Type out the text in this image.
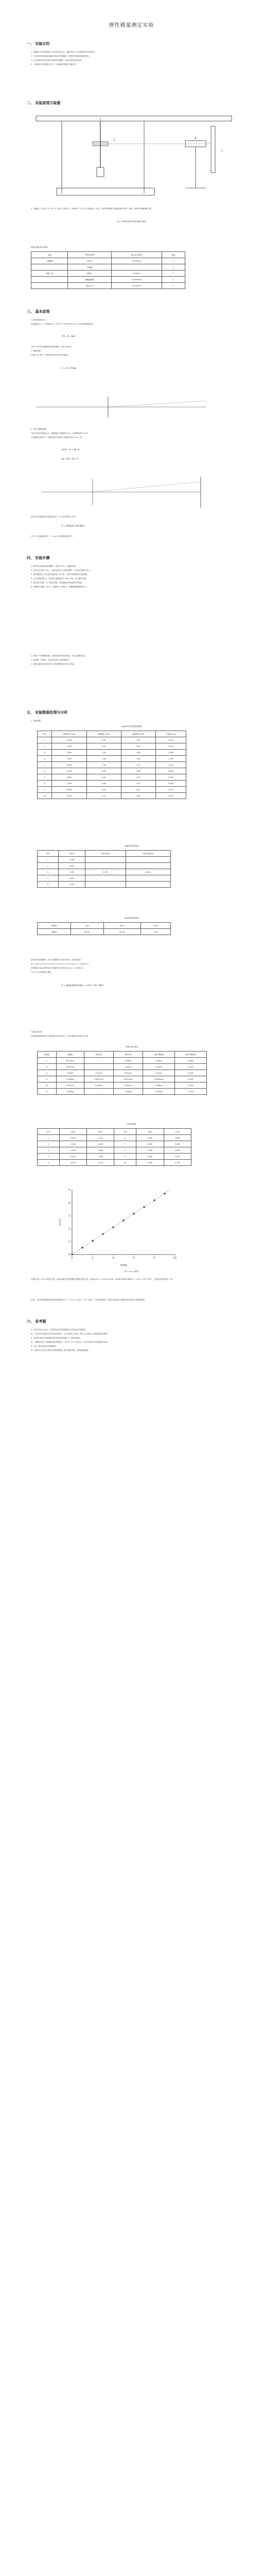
弹性模量测定实验
一、 实验目的

1. 掌握用光杠杆测量微小长度变化的方法，理解“放大”法在物理实验中的应用。

2. 学会用拉伸法测量金属丝的杨氏弹性模量，熟悉相关测量仪器的使用。

3. 学会用逐差法和作图法处理实验数据，分析实验误差的来源。

4. 了解误差分析的基本方法，计算测量结果的不确定度。

二、 实验原理与装置
1
2
7
8
1. 金属丝 2. 光杠杆 3. 平台 4. 挂钩 5. 砝码 6. 三角底座 7. 标尺 8. 望远镜 9. 支架，光杠杆的镜面与望远镜调节至同一高度，使标尺的像清晰可见。
图 1 拉伸法测杨氏模量装置示意图
测量仪器名称及规格
名称	型号及规格	最大允许误差	数量
主要器材	光杠杆	±0.02mm	1
	望远镜		1
测量工具	钢卷尺	±0.5mm	1
	螺旋测微器	±0.004mm	1
	游标卡尺	±0.02mm	1
三、 基本原理

1. 杨氏模量的定义

设金属丝长为 L，截面积为 S，在外力 F 作用下伸长 ΔL，则在弹性限度内有

F/S = E · ΔL/L

式中 E 称为该金属的杨氏弹性模量，单位为 N/m²。

2. 测量原理

实验中 ΔL 很小，需要用光杠杆进行放大测量。

E = FL / (S·ΔL)

3. 光杠杆测量原理

光杠杆前后足距离为 b，镜面到标尺的距离为 D，当金属丝伸长 ΔL 时，

平面镜转过角度 θ，从望远镜中读得标尺读数的变化为 Δn，则

tanθ ≈ θ = ΔL / b
Δn / 2D = ΔL / b

由此可得金属丝伸长量的表达式，代入杨氏模量公式得

E = 8mgLD / (πd²bΔn)

式中 d 为金属丝直径，F = mg 为所加砝码的重力。

四、 实验步骤

1. 调节杨氏模量仪底座螺钉，使平台水平，金属丝铅直。

2. 将光杠杆放在平台上，两前足放在平台的凹槽内，后足放在圆柱夹头上。

3. 调节望远镜，使目镜中能看清十字叉丝，再调节物镜使标尺像清晰。

4. 记录初始读数 n₀，然后依次增加砝码，每次 1kg，记下相应读数。

5. 逐次减少砝码，记下相应读数，取加减砝码时读数的平均值。

6. 用钢卷尺测量 L 和 D，用游标卡尺测量 b，用螺旋测微器测量 d。

1. 测量中不得碰撞仪器，加减砝码时应轻拿轻放，防止金属丝晃动。

2. 望远镜一旦调好，在实验过程中不能再移动。

3. 测量金属丝直径时应在不同位置测量多次取平均值。

五、 实验数据处理与分析
1. 原始数据
金属丝伸长量的测量数据
序号	砝码质量 m/kg	加砝码时 n/cm	减砝码时 n/cm	平均值 n/cm
1	0.000	0.00	0.02	0.010
2	1.000	0.52	0.55	0.535
3	2.000	1.05	1.08	1.065
4	3.000	1.58	1.60	1.590
5	4.000	2.10	2.13	2.115
6	5.000	2.63	2.66	2.645
7	6.000	3.15	3.18	3.165
8	7.000	3.68	3.70	3.690
9	8.000	4.20	4.22	4.210
10	9.000	4.72	4.75	4.735
金属丝直径的测量
序号	d/mm	平均 d/mm	误差 Δd/mm
1	0.798		
2	0.801		
3	0.799	0.799	0.004
4	0.800		
5	0.797		
其他物理量的测量
物理量	L/cm	D/cm	b/cm
测量值	80.20	120.50	7.50

用逐差法处理数据：将 10 组数据分为前后两组，对应相减得

Δn = [(n₆-n₁)+(n₇-n₂)+(n₈-n₃)+(n₉-n₄)+(n₁₀-n₅)] / 5 = 2.633 cm

则每增加 5kg 砝码时标尺读数的平均变化量为 Δn = 2.633 cm。

代入公式计算得杨氏模量：

E = 8mgLD/(πd²bΔn) = 2.01 × 10¹¹ N/m²

不确定度分析：

各直接测量量的相对不确定度分别计算如下，按不确定度传递公式合成：

不确定度计算表
测量量	测量值	A类分量	B类分量	合成不确定度	相对不确定度
L	80.20cm	—	0.03cm	0.03cm	0.04%
D	120.50cm	—	0.03cm	0.03cm	0.02%
b	7.50cm	0.01cm	0.001cm	0.01cm	0.13%
d	0.799mm	0.0007mm	0.0023mm	0.0024mm	0.30%
Δn	2.633cm	0.005cm	0.003cm	0.006cm	0.23%
m	5.000kg	—	0.005kg	0.005kg	0.10%
作图法数据
序号	m/kg	n/cm	序号	m/kg	n/cm
1	0.000	0.010	6	5.000	2.645
2	1.000	0.535	7	6.000	3.165
3	2.000	1.065	8	7.000	3.690
4	3.000	1.590	9	8.000	4.210
5	4.000	2.115	10	9.000	4.735
0	2	4	6	8	10
0
1
2
3
4
5
m/kg
n/cm
图 2 n-m 关系图
由图可见 n 与 m 呈线性关系，说明金属丝在弹性限度内满足胡克定律。直线斜率 k = 0.525 cm/kg，由斜率求得杨氏模量 E = 2.02 × 10¹¹ N/m²，与逐差法结果基本一致。
结论：本实验测得钢丝的杨氏弹性模量为 E = (2.01 ± 0.02) × 10¹¹ N/m²，与标准值相符，误差主要来源于金属丝直径和标尺读数的测量。
六、 思考题

1. 光杠杆有什么优点？怎样提高光杠杆测量微小长度变化的灵敏度？

答：光杠杆可以将微小的长度变化放大，放大倍数为 2D/b，增大 D 或减小 b 都能提高灵敏度。

2. 本实验中哪个量的测量误差对结果影响最大？应如何改进？

答：金属丝直径 d 的测量误差影响最大，因为 E 与 d² 成反比，应多次测量不同位置取平均值。

3. 为什么要用逐差法处理数据？

答：逐差法可以充分利用所有测量数据，减小随机误差，提高测量精度。
